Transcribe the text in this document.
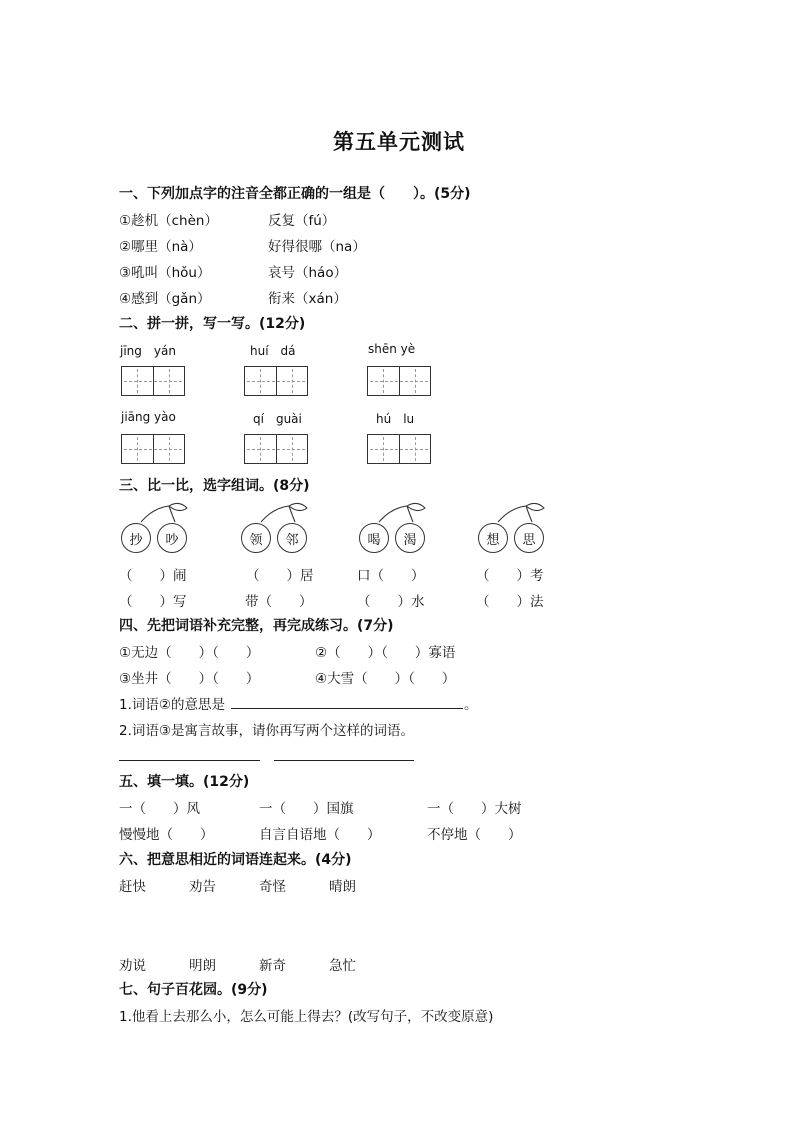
第五单元测试
一、下列加点字的注音全都正确的一组是（　　）。(5分)
①趁机（chèn）	反复（fú）
②哪里（nà）	好得很哪（na）
③吼叫（hǒu）	哀号（háo）
④感到（gǎn）	衔来（xán）
二、拼一拼，写一写。(12分)
jīng　yán	huí　dá	shēn yè
jiāng yào	qí　guài	hú　lu
三、比一比，选字组词。(8分)
抄	吵	领	邻	喝	渴	想	思
（　　）闹	（　　）居	口（　　）	（　　）考
（　　）写	带（　　）	（　　）水	（　　）法
四、先把词语补充完整，再完成练习。(7分)
①无边（　　）（　　）	②（　　）（　　）寡语
③坐井（　　）（　　）	④大雪（　　）（　　）
1.词语②的意思是	。
2.词语③是寓言故事，请你再写两个这样的词语。
五、填一填。(12分)
一（　　）风	一（　　）国旗	一（　　）大树
慢慢地（　　）	自言自语地（　　）	不停地（　　）
六、把意思相近的词语连起来。(4分)
赶快	劝告	奇怪	晴朗
劝说	明朗	新奇	急忙
七、句子百花园。(9分)
1.他看上去那么小，怎么可能上得去？(改写句子，不改变原意)
